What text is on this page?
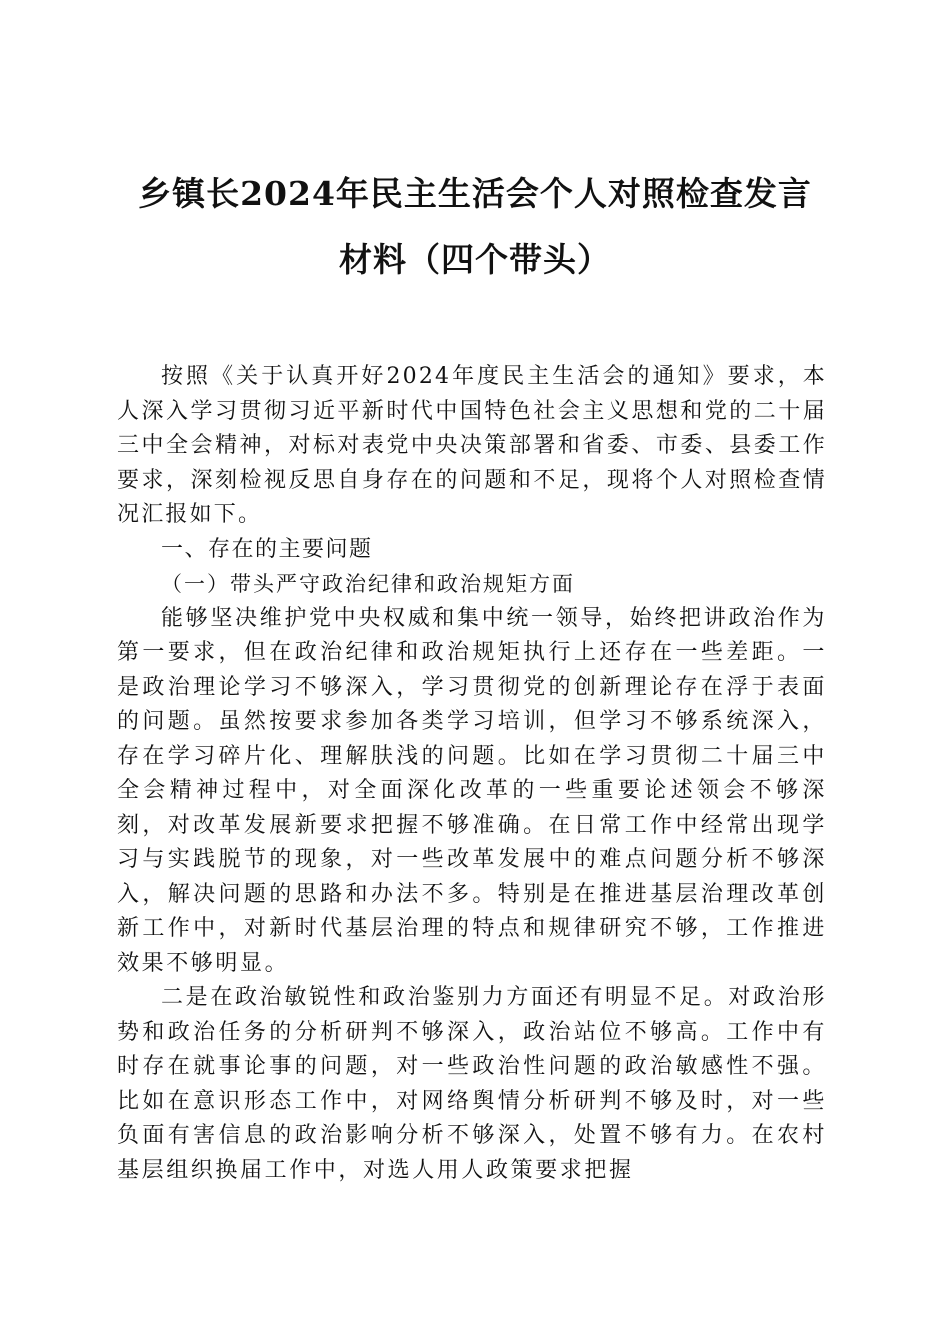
乡镇长2024年民主生活会个人对照检查发言
材料（四个带头）

按照《关于认真开好2024年度民主生活会的通知》要求，本人深入学习贯彻习近平新时代中国特色社会主义思想和党的二十届三中全会精神，对标对表党中央决策部署和省委、市委、县委工作要求，深刻检视反思自身存在的问题和不足，现将个人对照检查情况汇报如下。

一、存在的主要问题

（一）带头严守政治纪律和政治规矩方面

能够坚决维护党中央权威和集中统一领导，始终把讲政治作为第一要求，但在政治纪律和政治规矩执行上还存在一些差距。一是政治理论学习不够深入，学习贯彻党的创新理论存在浮于表面的问题。虽然按要求参加各类学习培训，但学习不够系统深入，存在学习碎片化、理解肤浅的问题。比如在学习贯彻二十届三中全会精神过程中，对全面深化改革的一些重要论述领会不够深刻，对改革发展新要求把握不够准确。在日常工作中经常出现学习与实践脱节的现象，对一些改革发展中的难点问题分析不够深入，解决问题的思路和办法不多。特别是在推进基层治理改革创新工作中，对新时代基层治理的特点和规律研究不够，工作推进效果不够明显。

二是在政治敏锐性和政治鉴别力方面还有明显不足。对政治形势和政治任务的分析研判不够深入，政治站位不够高。工作中有时存在就事论事的问题，对一些政治性问题的政治敏感性不强。比如在意识形态工作中，对网络舆情分析研判不够及时，对一些负面有害信息的政治影响分析不够深入，处置不够有力。在农村基层组织换届工作中，对选人用人政策要求把握
